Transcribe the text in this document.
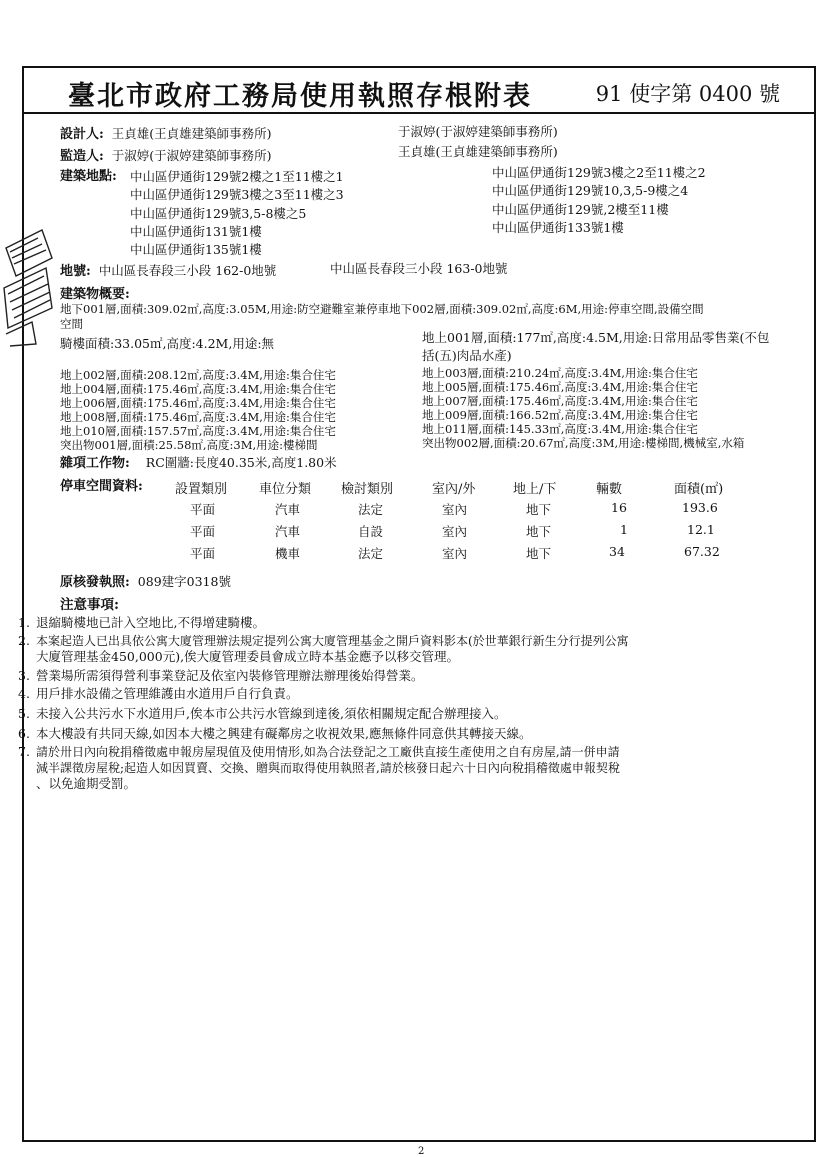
臺北市政府工務局使用執照存根附表	91 使字第 0400 號
設計人: 王貞雄(王貞雄建築師事務所)	于淑婷(于淑婷建築師事務所)
監造人: 于淑婷(于淑婷建築師事務所)	王貞雄(王貞雄建築師事務所)
建築地點: 中山區伊通街129號2樓之1至11樓之1
中山區伊通街129號3樓之3至11樓之3
中山區伊通街129號3,5-8樓之5
中山區伊通街131號1樓
中山區伊通街135號1樓
中山區伊通街129號3樓之2至11樓之2
中山區伊通街129號10,3,5-9樓之4
中山區伊通街129號,2樓至11樓
中山區伊通街133號1樓
地號: 中山區長春段三小段 162-0地號	中山區長春段三小段 163-0地號
建築物概要:
地下001層,面積:309.02㎡,高度:3.05M,用途:防空避難室兼停車地下002層,面積:309.02㎡,高度:6M,用途:停車空間,設備空間
空間
騎樓面積:33.05㎡,高度:4.2M,用途:無	地上001層,面積:177㎡,高度:4.5M,用途:日常用品零售業(不包
括(五)肉品水產)
地上002層,面積:208.12㎡,高度:3.4M,用途:集合住宅
地上004層,面積:175.46㎡,高度:3.4M,用途:集合住宅
地上006層,面積:175.46㎡,高度:3.4M,用途:集合住宅
地上008層,面積:175.46㎡,高度:3.4M,用途:集合住宅
地上010層,面積:157.57㎡,高度:3.4M,用途:集合住宅
突出物001層,面積:25.58㎡,高度:3M,用途:樓梯間
地上003層,面積:210.24㎡,高度:3.4M,用途:集合住宅
地上005層,面積:175.46㎡,高度:3.4M,用途:集合住宅
地上007層,面積:175.46㎡,高度:3.4M,用途:集合住宅
地上009層,面積:166.52㎡,高度:3.4M,用途:集合住宅
地上011層,面積:145.33㎡,高度:3.4M,用途:集合住宅
突出物002層,面積:20.67㎡,高度:3M,用途:樓梯間,機械室,水箱
雜項工作物: RC圍牆:長度40.35米,高度1.80米
停車空間資料: 設置類別 車位分類 檢討類別	室內/外	地上/下	輛數	面積(㎡)
平面	汽車	法定	室內	地下	16	193.6
平面	汽車	自設	室內	地下	1	12.1
平面	機車	法定	室內	地下	34	67.32
原核發執照: 089建字0318號
注意事項:
1. 退縮騎樓地已計入空地比,不得增建騎樓。
2. 本案起造人已出具依公寓大廈管理辦法規定提列公寓大廈管理基金之開戶資料影本(於世華銀行新生分行提列公寓
大廈管理基金450,000元),俟大廈管理委員會成立時本基金應予以移交管理。
3. 營業場所需須得營利事業登記及依室內裝修管理辦法辦理後始得營業。
4. 用戶排水設備之管理維護由水道用戶自行負責。
5. 未接入公共污水下水道用戶,俟本市公共污水管線到達後,須依相關規定配合辦理接入。
6. 本大樓設有共同天線,如因本大樓之興建有礙鄰房之收視效果,應無條件同意供其轉接天線。
7. 請於卅日內向稅捐稽徵處申報房屋現值及使用情形,如為合法登記之工廠供直接生產使用之自有房屋,請一併申請
減半課徵房屋稅;起造人如因買賣、交換、贈與而取得使用執照者,請於核發日起六十日內向稅捐稽徵處申報契稅
、以免逾期受罰。
2
